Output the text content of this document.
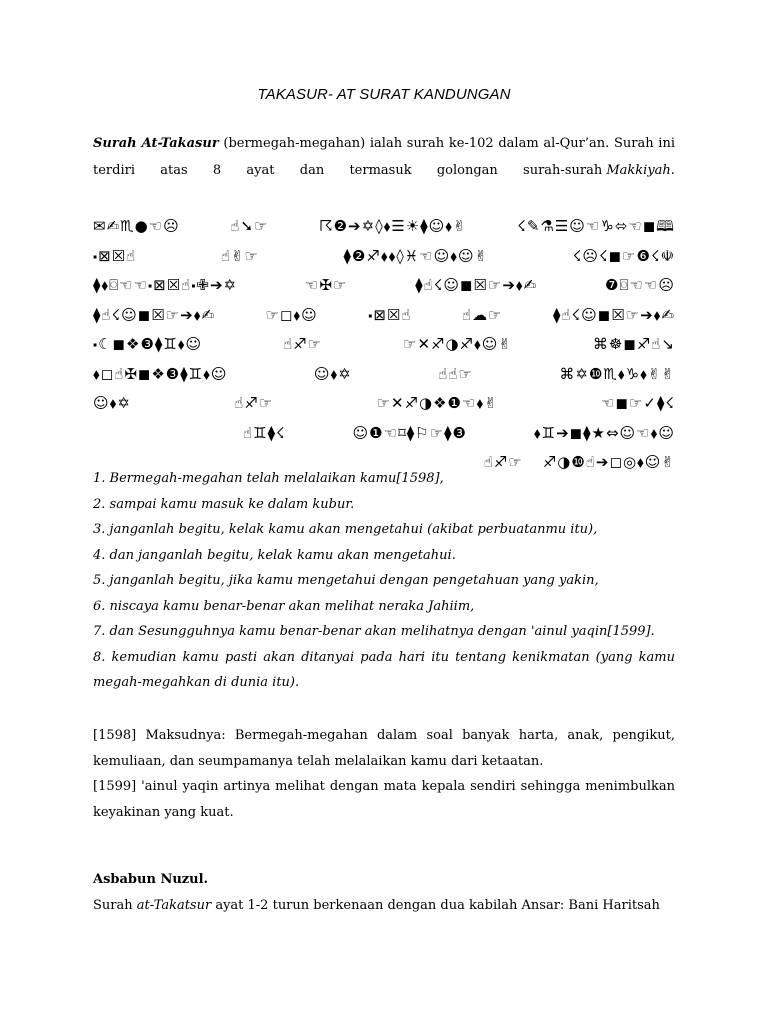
TAKASUR- AT SURAT KANDUNGAN
Surah At-Takasur (bermegah-megahan) ialah surah ke-102 dalam al-Qur’an. Surah ini
terdiri atas 8 ayat dan termasuk golongan surah-surah Makkiyah.
✉✍♏●☜☹	☝➘☞	☈❷➔✡◊⬧☰☀⧫☺⬧✌	☇✎⚗☰☺☜♑⬄☜◼🕮
⬝⊠☒☝	☝✌☞	⧫❷♐⬧⬧◊♓☜☺⬧☺✌	☇☹☇◼☞❻☇☫
⧫⬧⌼☜☜⬝⊠☒☝⬝✙➔✡	☜✠☞	⧫☝☇☺◼☒☞➔⬧✍	❼⌼☜☜☹
⧫☝☇☺◼☒☞➔⬧✍	☞◻⬧☺	⬝⊠☒☝	☝☁☞	⧫☝☇☺◼☒☞➔⬧✍
⬝☾◼❖❸⧫♊⬧☺	☝♐☞	☞✕♐◑♐⬧☺✌	⌘☸◼♐☝↘
⬧◻☝✠◼❖❸⧫♊⬧☺	☺⬧✡	☝☝☞	⌘✡❿♏⬧♑⬧✌✌
☺⬧✡	☝♐☞	☞✕♐◑❖❶☜⬧✌	☜◼☞✓⧫☇
☝♊⧫☇	☺❶☜⌑⧫⚐☞⧫❸	⬧♊➔◼⧫★⇔☺☜⬧☺
☝♐☞ ♐◑❿☝➔◻◎⬧☺✌

1. Bermegah-megahan telah melalaikan kamu[1598],

2. sampai kamu masuk ke dalam kubur.

3. janganlah begitu, kelak kamu akan mengetahui (akibat perbuatanmu itu),

4. dan janganlah begitu, kelak kamu akan mengetahui.

5. janganlah begitu, jika kamu mengetahui dengan pengetahuan yang yakin,

6. niscaya kamu benar-benar akan melihat neraka Jahiim,

7. dan Sesungguhnya kamu benar-benar akan melihatnya dengan 'ainul yaqin[1599].

8. kemudian kamu pasti akan ditanyai pada hari itu tentang kenikmatan (yang kamu

megah-megahkan di dunia itu).

[1598] Maksudnya: Bermegah-megahan dalam soal banyak harta, anak, pengikut,

kemuliaan, dan seumpamanya telah melalaikan kamu dari ketaatan.

[1599] 'ainul yaqin artinya melihat dengan mata kepala sendiri sehingga menimbulkan

keyakinan yang kuat.

Asbabun Nuzul.
Surah at-Takatsur ayat 1-2 turun berkenaan dengan dua kabilah Ansar: Bani Haritsah
